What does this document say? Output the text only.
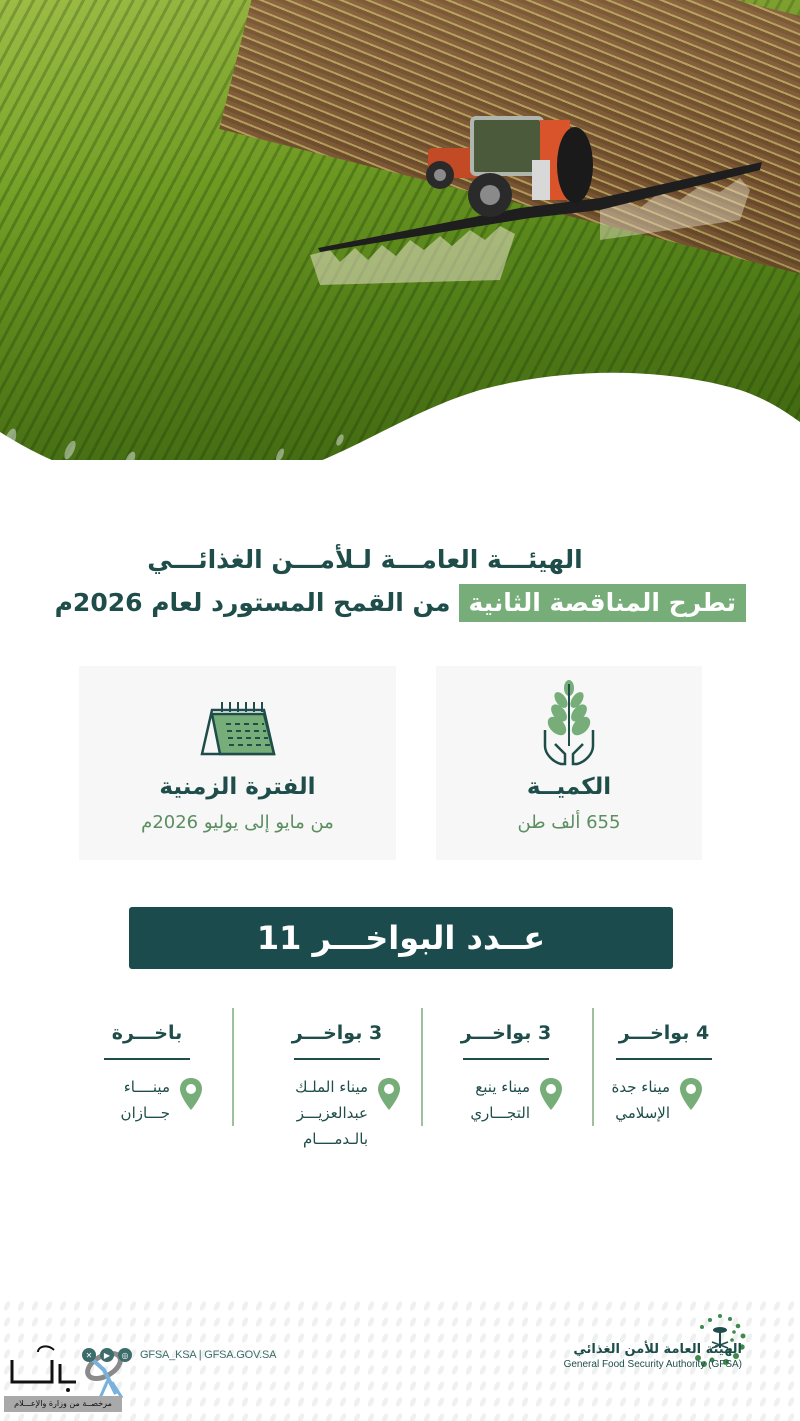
الهيئـــة العامـــة لـلأمـــن الغذائـــي
تطرح المناقصة الثانية
من القمح المستورد لعام 2026م
الكميــة
655 ألف طن
الفترة الزمنية
من مايو إلى يوليو 2026م
عــدد البواخـــر 11
4 بواخـــر
ميناء جدة
الإسلامي
3 بواخـــر
ميناء ينبع
التجـــاري
3 بواخـــر
ميناء الملـك
عبدالعزيـــز
بالـدمــــام
باخـــرة
مينــــاء
جـــازان
الهيئة العامة للأمن الغذائي
General Food Security Authority (GFSA)
مرخصــة من وزارة والإعـــلام
✕	▶	◎	GFSA_KSA | GFSA.GOV.SA
